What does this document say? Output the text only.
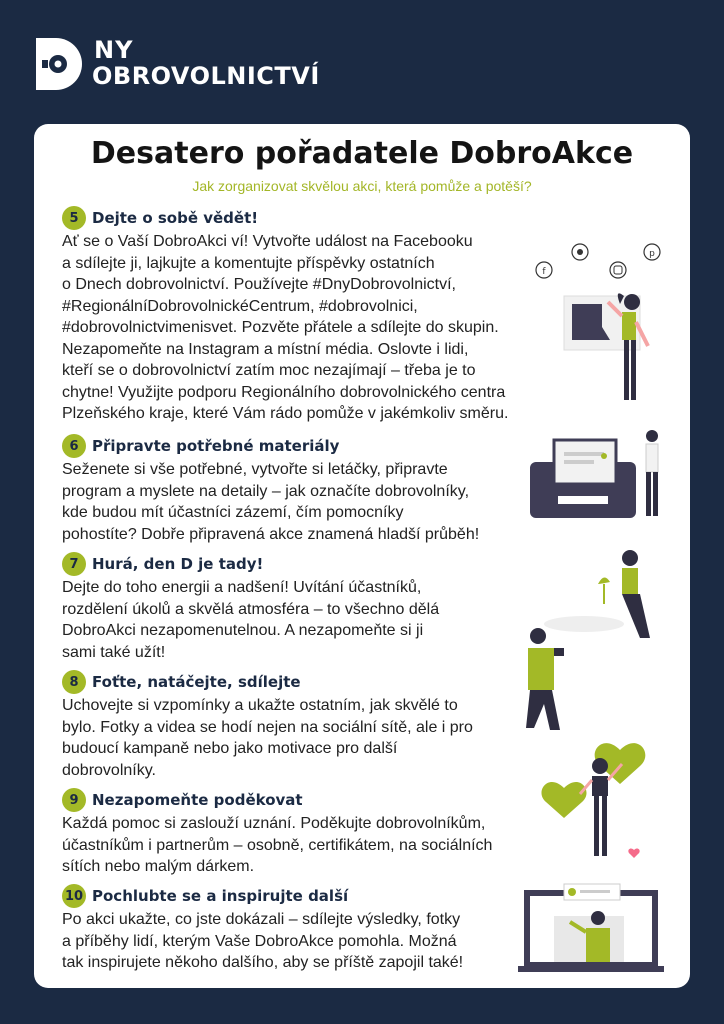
NY
OBROVOLNICTVÍ
Desatero pořadatele DobroAkce
Jak zorganizovat skvělou akci, která pomůže a potěší?
5 Dejte o sobě vědět!
Ať se o Vaší DobroAkci ví! Vytvořte událost na Facebooku
a sdílejte ji, lajkujte a komentujte příspěvky ostatních
o Dnech dobrovolnictví. Používejte #DnyDobrovolnictví,
#RegionálníDobrovolnickéCentrum, #dobrovolnici,
#dobrovolnictvimenisvet. Pozvěte přátele a sdílejte do skupin.
Nezapomeňte na Instagram a místní média. Oslovte i lidi,
kteří se o dobrovolnictví zatím moc nezajímají – třeba je to
chytne! Využijte podporu Regionálního dobrovolnického centra
Plzeňského kraje, které Vám rádo pomůže v jakémkoliv směru.
6 Připravte potřebné materiály
Seženete si vše potřebné, vytvořte si letáčky, připravte
program a myslete na detaily – jak označíte dobrovolníky,
kde budou mít účastníci zázemí, čím pomocníky
pohostíte? Dobře připravená akce znamená hladší průběh!
7 Hurá, den D je tady!
Dejte do toho energii a nadšení! Uvítání účastníků,
rozdělení úkolů a skvělá atmosféra – to všechno dělá
DobroAkci nezapomenutelnou. A nezapomeňte si ji
sami také užít!
8 Foťte, natáčejte, sdílejte
Uchovejte si vzpomínky a ukažte ostatním, jak skvělé to
bylo. Fotky a videa se hodí nejen na sociální sítě, ale i pro
budoucí kampaně nebo jako motivace pro další
dobrovolníky.
9 Nezapomeňte poděkovat
Každá pomoc si zaslouží uznání. Poděkujte dobrovolníkům,
účastníkům i partnerům – osobně, certifikátem, na sociálních
sítích nebo malým dárkem.
10 Pochlubte se a inspirujte další
Po akci ukažte, co jste dokázali – sdílejte výsledky, fotky
a příběhy lidí, kterým Vaše DobroAkce pomohla. Možná
tak inspirujete někoho dalšího, aby se příště zapojil také!
f
p
